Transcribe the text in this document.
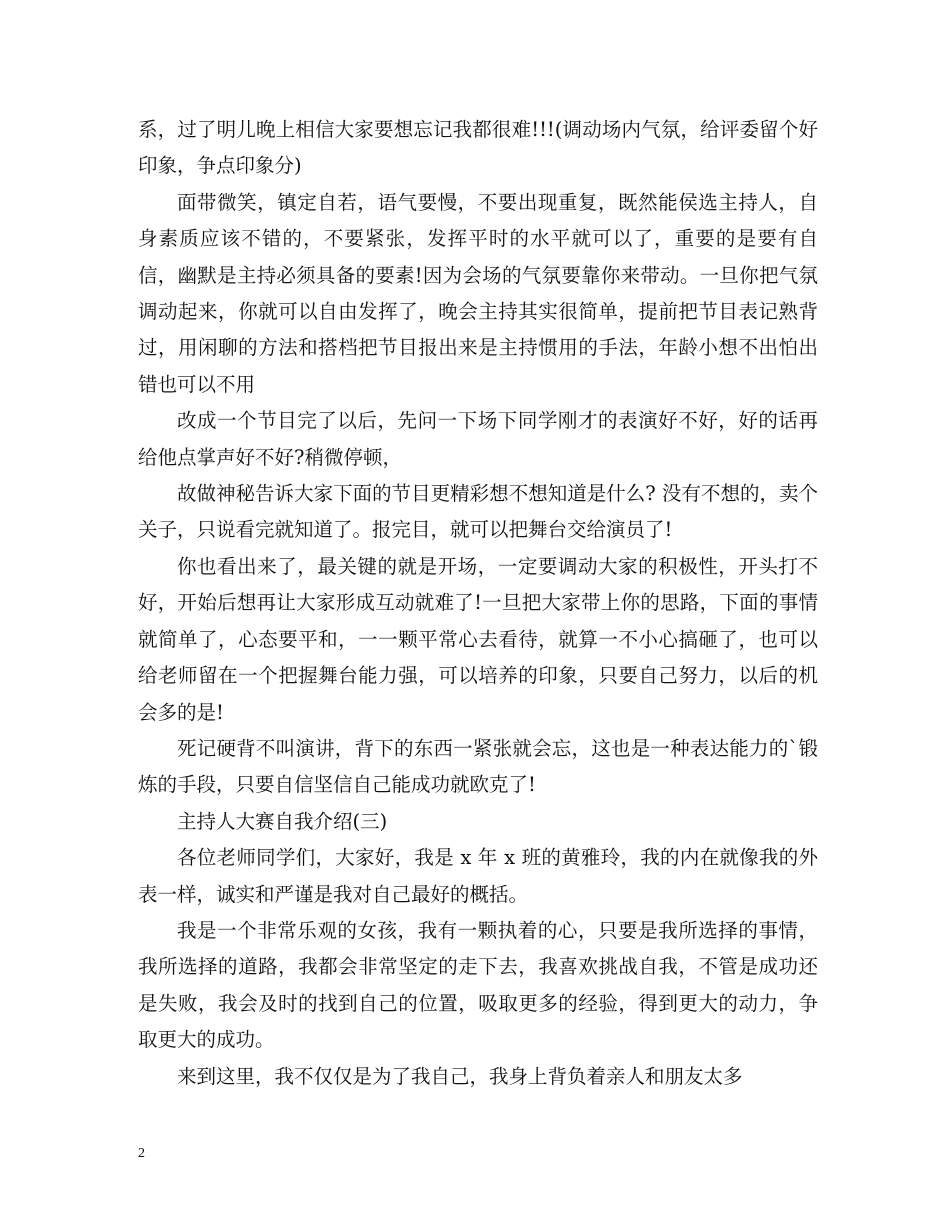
系，过了明儿晚上相信大家要想忘记我都很难!!!(调动场内气氛，给评委留个好印象，争点印象分)

面带微笑，镇定自若，语气要慢，不要出现重复，既然能侯选主持人，自身素质应该不错的，不要紧张，发挥平时的水平就可以了，重要的是要有自信，幽默是主持必须具备的要素!因为会场的气氛要靠你来带动。一旦你把气氛调动起来，你就可以自由发挥了，晚会主持其实很简单，提前把节目表记熟背过，用闲聊的方法和搭档把节目报出来是主持惯用的手法，年龄小想不出怕出错也可以不用

改成一个节目完了以后，先问一下场下同学刚才的表演好不好，好的话再给他点掌声好不好?稍微停顿，

故做神秘告诉大家下面的节目更精彩想不想知道是什么? 没有不想的，卖个关子，只说看完就知道了。报完目，就可以把舞台交给演员了!

你也看出来了，最关键的就是开场，一定要调动大家的积极性，开头打不好，开始后想再让大家形成互动就难了!一旦把大家带上你的思路，下面的事情就简单了，心态要平和，一一颗平常心去看待，就算一不小心搞砸了，也可以给老师留在一个把握舞台能力强，可以培养的印象，只要自己努力，以后的机会多的是!

死记硬背不叫演讲，背下的东西一紧张就会忘，这也是一种表达能力的`锻炼的手段，只要自信坚信自己能成功就欧克了!

主持人大赛自我介绍(三)

各位老师同学们，大家好，我是 x 年 x 班的黄雅玲，我的内在就像我的外表一样，诚实和严谨是我对自己最好的概括。

我是一个非常乐观的女孩，我有一颗执着的心，只要是我所选择的事情，我所选择的道路，我都会非常坚定的走下去，我喜欢挑战自我，不管是成功还是失败，我会及时的找到自己的位置，吸取更多的经验，得到更大的动力，争取更大的成功。

来到这里，我不仅仅是为了我自己，我身上背负着亲人和朋友太多

2
